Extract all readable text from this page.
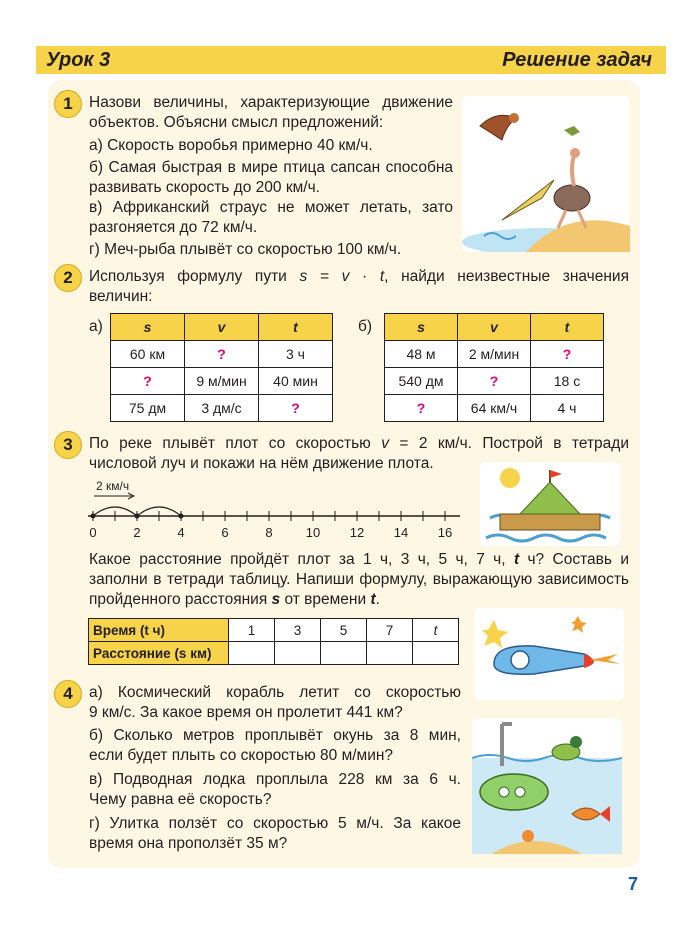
Урок 3	Решение задач
1	Назови величины, характеризующие движение
объектов. Объясни смысл предложений:
а) Скорость воробья примерно 40 км/ч.
б) Самая быстрая в мире птица сапсан способна
развивать скорость до 200 км/ч.
в) Африканский страус не может летать, зато
разгоняется до 72 км/ч.
г) Меч-рыба плывёт со скоростью 100 км/ч.
2	Используя формулу пути s = v · t, найди неизвестные значения
величин:
а)	s	v	t
60 км	?	3 ч
?	9 м/мин	40 мин
75 дм	3 дм/с	?
б)	s	v	t
48 м	2 м/мин	?
540 дм	?	18 с
?	64 км/ч	4 ч
3	По реке плывёт плот со скоростью v = 2 км/ч. Построй в тетради
числовой луч и покажи на нём движение плота.
2 км/ч
0	2	4	6	8	10 12 14 16
Какое расстояние пройдёт плот за 1 ч, 3 ч, 5 ч, 7 ч, t ч? Составь и
заполни в тетради таблицу. Напиши формулу, выражающую зависимость
пройденного расстояния s от времени t.
Время (t ч)	1	3	5	7	t
Расстояние (s км)					
4	а) Космический корабль летит со скоростью
9 км/с. За какое время он пролетит 441 км?
б) Сколько метров проплывёт окунь за 8 мин,
если будет плыть со скоростью 80 м/мин?
в) Подводная лодка проплыла 228 км за 6 ч.
Чему равна её скорость?
г) Улитка ползёт со скоростью 5 м/ч. За какое
время она проползёт 35 м?
7
